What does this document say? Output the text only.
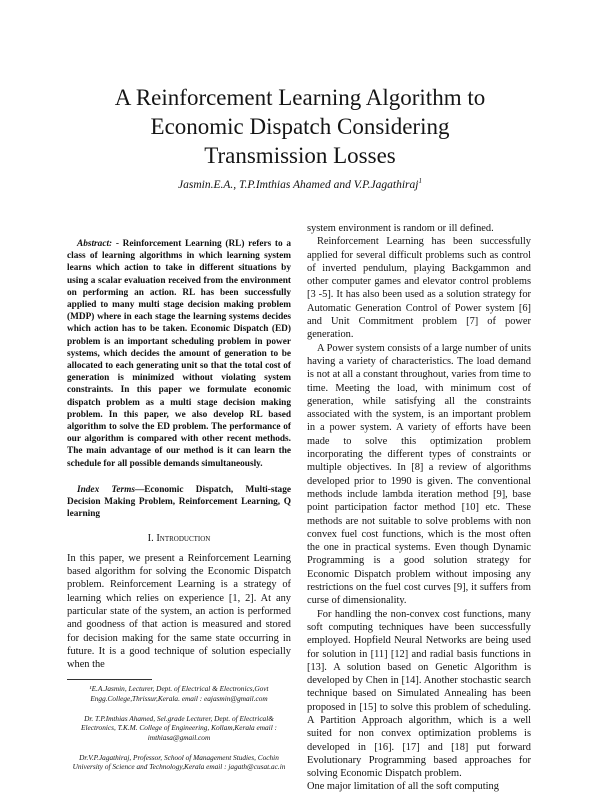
A Reinforcement Learning Algorithm to
Economic Dispatch Considering
Transmission Losses
Jasmin.E.A., T.P.Imthias Ahamed and V.P.Jagathiraj$^1$

Abstract: - Reinforcement Learning (RL) refers to a class of learning algorithms in which learning system learns which action to take in different situations by using a scalar evaluation received from the environment on performing an action. RL has been successfully applied to many multi stage decision making problem (MDP) where in each stage the learning systems decides which action has to be taken. Economic Dispatch (ED) problem is an important scheduling problem in power systems, which decides the amount of generation to be allocated to each generating unit so that the total cost of generation is minimized without violating system constraints. In this paper we formulate economic dispatch problem as a multi stage decision making problem. In this paper, we also develop RL based algorithm to solve the ED problem. The performance of our algorithm is compared with other recent methods. The main advantage of our method is it can learn the schedule for all possible demands simultaneously.

Index Terms—Economic Dispatch, Multi-stage Decision Making Problem, Reinforcement Learning, Q learning

I. Introduction

In this paper, we present a Reinforcement Learning based algorithm for solving the Economic Dispatch problem. Reinforcement Learning is a strategy of learning which relies on experience [1, 2]. At any particular state of the system, an action is performed and goodness of that action is measured and stored for decision making for the same state occurring in future. It is a good technique of solution especially when the

¹E.A.Jasmin, Lecturer, Dept. of Electrical & Electronics,Govt Engg.College,Thrissur,Kerala. email : eajasmin@gmail.com

Dr. T.P.Imthias Ahamed, Sel.grade Lecturer, Dept. of Electrical& Electronics, T.K.M. College of Engineering, Kollam,Kerala email : imthiasa@gmail.com

Dr.V.P.Jagathiraj, Professor, School of Management Studies, Cochin University of Science and Technology,Kerala email : jagath@cusat.ac.in

system environment is random or ill defined.

Reinforcement Learning has been successfully applied for several difficult problems such as control of inverted pendulum, playing Backgammon and other computer games and elevator control problems [3 -5]. It has also been used as a solution strategy for Automatic Generation Control of Power system [6] and Unit Commitment problem [7] of power generation.

A Power system consists of a large number of units having a variety of characteristics. The load demand is not at all a constant throughout, varies from time to time. Meeting the load, with minimum cost of generation, while satisfying all the constraints associated with the system, is an important problem in a power system. A variety of efforts have been made to solve this optimization problem incorporating the different types of constraints or multiple objectives. In [8] a review of algorithms developed prior to 1990 is given. The conventional methods include lambda iteration method [9], base point participation factor method [10] etc. These methods are not suitable to solve problems with non convex fuel cost functions, which is the most often the one in practical systems. Even though Dynamic Programming is a good solution strategy for Economic Dispatch problem without imposing any restrictions on the fuel cost curves [9], it suffers from curse of dimensionality.

For handling the non-convex cost functions, many soft computing techniques have been successfully employed. Hopfield Neural Networks are being used for solution in [11] [12] and radial basis functions in [13]. A solution based on Genetic Algorithm is developed by Chen in [14]. Another stochastic search technique based on Simulated Annealing has been proposed in [15] to solve this problem of scheduling. A Partition Approach algorithm, which is a well suited for non convex optimization problems is developed in [16]. [17] and [18] put forward Evolutionary Programming based approaches for solving Economic Dispatch problem.

One major limitation of all the soft computing
